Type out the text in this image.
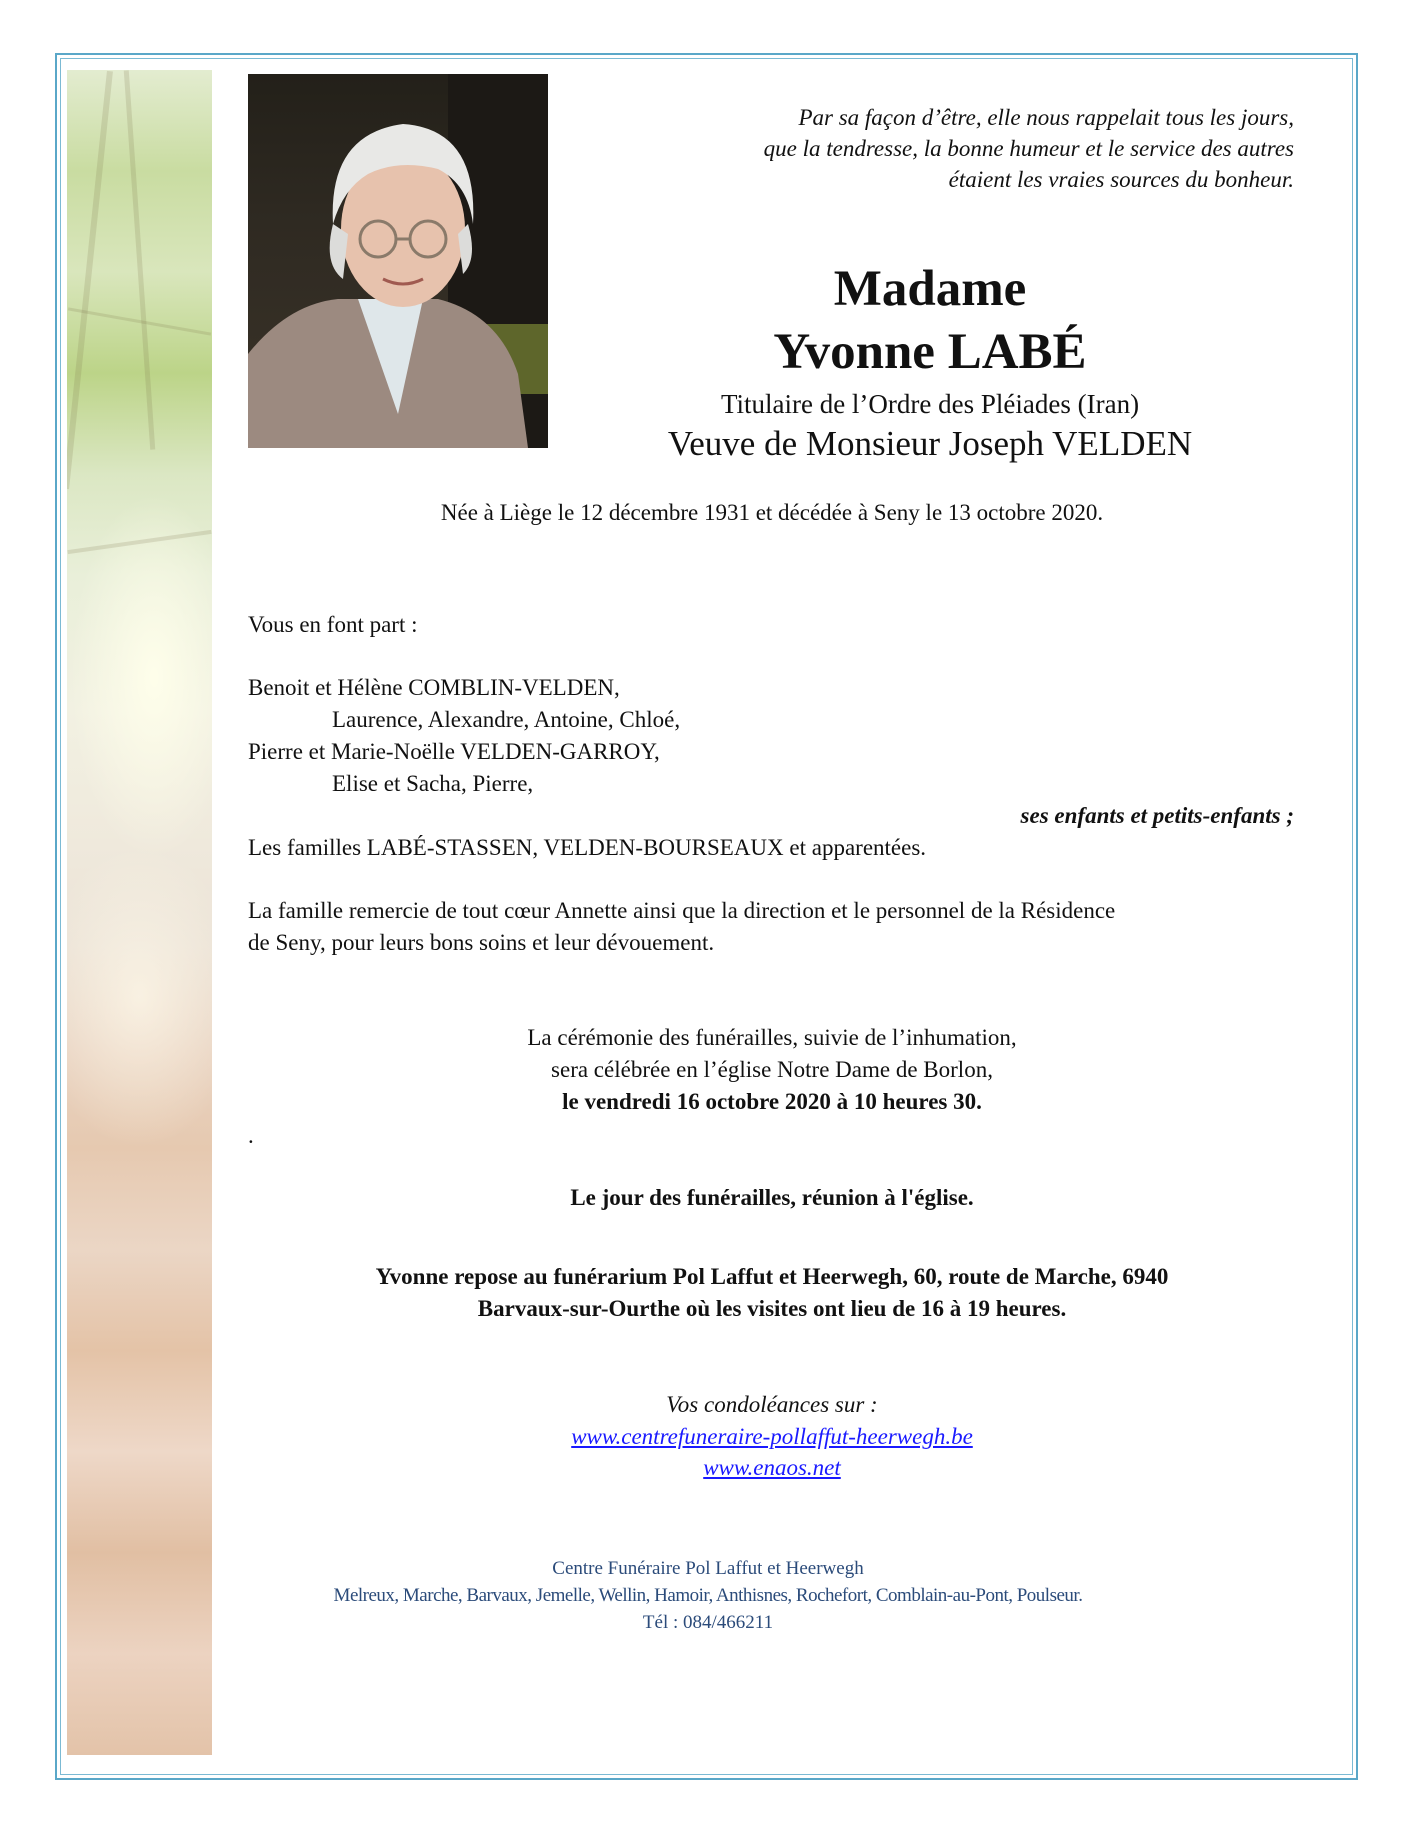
Par sa façon d’être, elle nous rappelait tous les jours,
que la tendresse, la bonne humeur et le service des autres
étaient les vraies sources du bonheur.
Madame
Yvonne LABÉ
Titulaire de l’Ordre des Pléiades (Iran)
Veuve de Monsieur Joseph VELDEN
Née à Liège le 12 décembre 1931 et décédée à Seny le 13 octobre 2020.
Vous en font part :
Benoit et Hélène COMBLIN-VELDEN,
Laurence, Alexandre, Antoine, Chloé,
Pierre et Marie-Noëlle VELDEN-GARROY,
Elise et Sacha, Pierre,
ses enfants et petits-enfants ;
Les familles LABÉ-STASSEN, VELDEN-BOURSEAUX et apparentées.
La famille remercie de tout cœur Annette ainsi que la direction et le personnel de la Résidence
de Seny, pour leurs bons soins et leur dévouement.
La cérémonie des funérailles, suivie de l’inhumation,
sera célébrée en l’église Notre Dame de Borlon,
le vendredi 16 octobre 2020 à 10 heures 30.
.
Le jour des funérailles, réunion à l'église.
Yvonne repose au funérarium Pol Laffut et Heerwegh, 60, route de Marche, 6940
Barvaux-sur-Ourthe où les visites ont lieu de 16 à 19 heures.
Vos condoléances sur :
www.centrefuneraire-pollaffut-heerwegh.be
www.enaos.net
Centre Funéraire Pol Laffut et Heerwegh
Melreux, Marche, Barvaux, Jemelle, Wellin, Hamoir, Anthisnes, Rochefort, Comblain-au-Pont, Poulseur.
Tél : 084/466211
